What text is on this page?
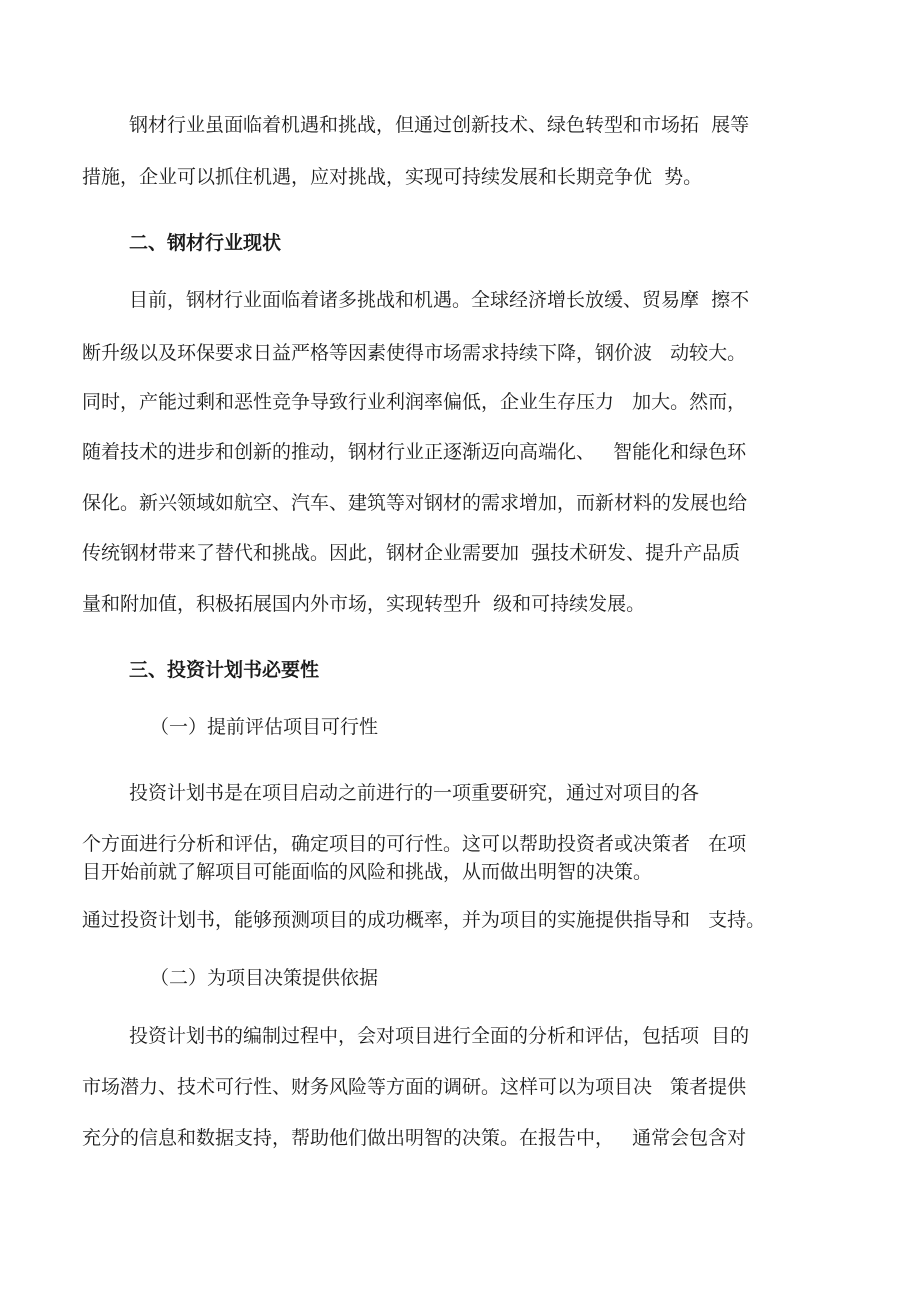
钢材行业虽面临着机遇和挑战，但通过创新技术、绿色转型和市场拓  展等
措施，企业可以抓住机遇，应对挑战，实现可持续发展和长期竞争优  势。
二、钢材行业现状
目前，钢材行业面临着诸多挑战和机遇。全球经济增长放缓、贸易摩  擦不
断升级以及环保要求日益严格等因素使得市场需求持续下降，钢价波   动较大。
同时，产能过剩和恶性竞争导致行业利润率偏低，企业生存压力   加大。然而，
随着技术的进步和创新的推动，钢材行业正逐渐迈向高端化、   智能化和绿色环
保化。新兴领域如航空、汽车、建筑等对钢材的需求增加，而新材料的发展也给
传统钢材带来了替代和挑战。因此，钢材企业需要加  强技术研发、提升产品质
量和附加值，积极拓展国内外市场，实现转型升  级和可持续发展。
三、投资计划书必要性
（一）提前评估项目可行性
投资计划书是在项目启动之前进行的一项重要研究，通过对项目的各
个方面进行分析和评估，确定项目的可行性。这可以帮助投资者或决策者   在项
目开始前就了解项目可能面临的风险和挑战，从而做出明智的决策。
通过投资计划书，能够预测项目的成功概率，并为项目的实施提供指导和   支持。
（二）为项目决策提供依据
投资计划书的编制过程中，会对项目进行全面的分析和评估，包括项  目的
市场潜力、技术可行性、财务风险等方面的调研。这样可以为项目决   策者提供
充分的信息和数据支持，帮助他们做出明智的决策。在报告中，   通常会包含对
